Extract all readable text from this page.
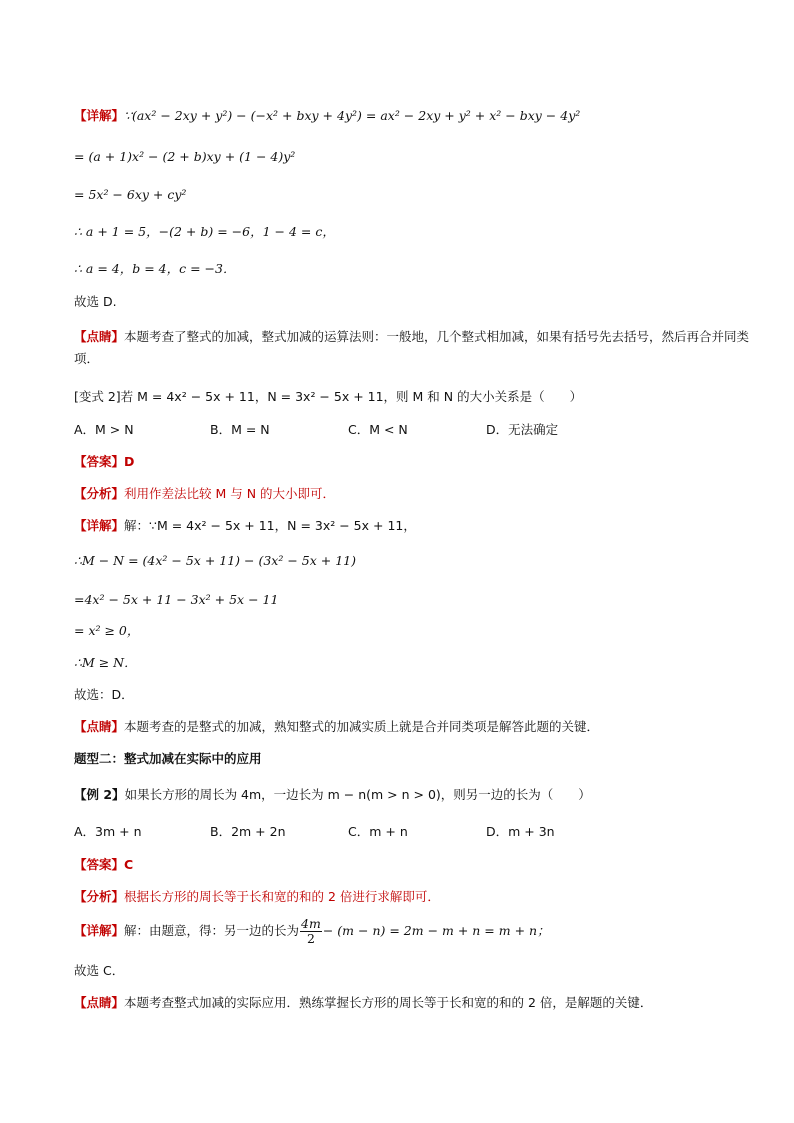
【详解】∵(ax² − 2xy + y²) − (−x² + bxy + 4y²) = ax² − 2xy + y² + x² − bxy − 4y²
= (a + 1)x² − (2 + b)xy + (1 − 4)y²
= 5x² − 6xy + cy²
∴ a + 1 = 5，−(2 + b) = −6，1 − 4 = c，
∴ a = 4，b = 4，c = −3．
故选 D.
【点睛】本题考查了整式的加减，整式加减的运算法则：一般地，几个整式相加减，如果有括号先去括号，然后再合并同类项．
[变式 2]若 M = 4x² − 5x + 11，N = 3x² − 5x + 11，则 M 和 N 的大小关系是（　　）
A．M > N	B．M = N	C．M < N	D．无法确定
【答案】D
【分析】利用作差法比较 M 与 N 的大小即可．
【详解】解：∵M = 4x² − 5x + 11，N = 3x² − 5x + 11，
∴M − N = (4x² − 5x + 11) − (3x² − 5x + 11)
=4x² − 5x + 11 − 3x² + 5x − 11
= x² ≥ 0，
∴M ≥ N．
故选：D．
【点睛】本题考查的是整式的加减，熟知整式的加减实质上就是合并同类项是解答此题的关键．
题型二：整式加减在实际中的应用
【例 2】如果长方形的周长为 4m，一边长为 m − n(m > n > 0)，则另一边的长为（　　）
A．3m + n	B．2m + 2n	C．m + n	D．m + 3n
【答案】C
【分析】根据长方形的周长等于长和宽的和的 2 倍进行求解即可．
【详解】解：由题意，得：另一边的长为 $\frac{4m}{2} - (m - n) = 2m - m + n = m + n$；
故选 C．
【点睛】本题考查整式加减的实际应用．熟练掌握长方形的周长等于长和宽的和的 2 倍，是解题的关键．
